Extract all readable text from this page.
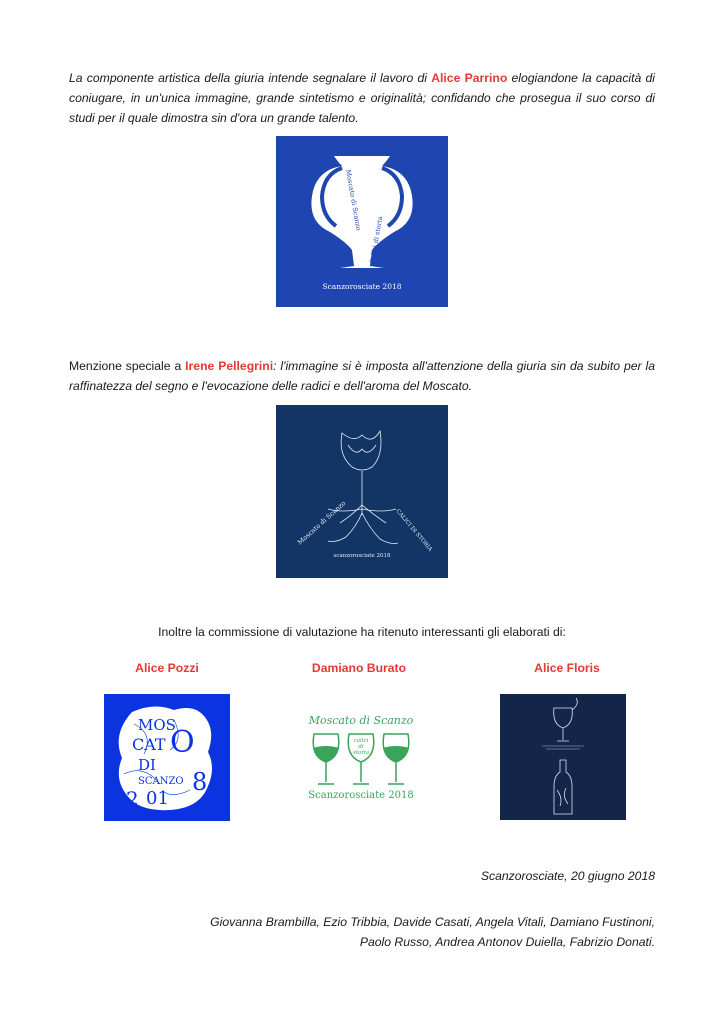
La componente artistica della giuria intende segnalare il lavoro di Alice Parrino elogiandone la capacità di coniugare, in un'unica immagine, grande sintetismo e originalità; confidando che prosegua il suo corso di studi per il quale dimostra sin d'ora un grande talento.
Moscato di Scanzo
Calici di storia
Scanzorosciate 2018
Menzione speciale a Irene Pellegrini: l'immagine si è imposta all'attenzione della giuria sin da subito per la raffinatezza del segno e l'evocazione delle radici e dell'aroma del Moscato.
Moscato di Scanzo	CALICI DI STORIA
scanzorosciate 2018
Inoltre la commissione di valutazione ha ritenuto interessanti gli elaborati di:
Alice Pozzi	Damiano Burato	Alice Floris
MOS
CAT O
DI
SCANZO
2 01
8
Moscato di Scanzo
calici
di
storia
Scanzorosciate 2018
Scanzorosciate, 20 giugno 2018
Giovanna Brambilla, Ezio Tribbia, Davide Casati, Angela Vitali, Damiano Fustinoni,
Paolo Russo, Andrea Antonov Duiella, Fabrizio Donati.
